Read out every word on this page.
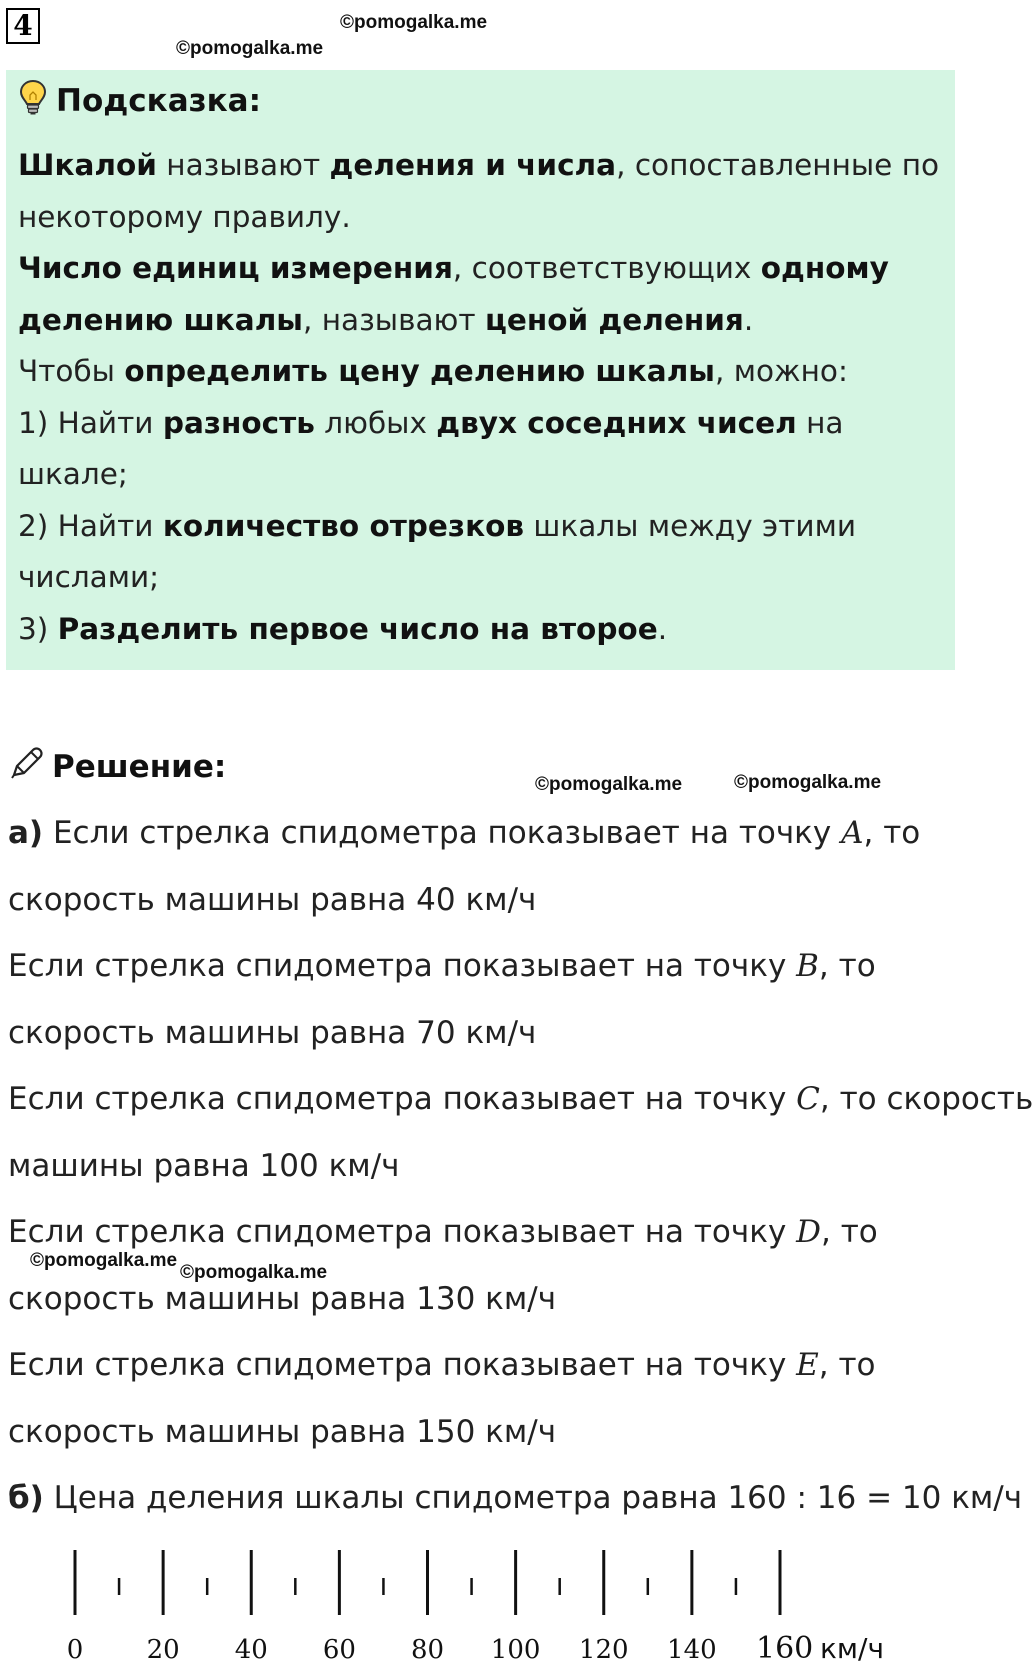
4	©pomogalka.me
©pomogalka.me
Подсказка:

Шкалой называют деления и числа, сопоставленные по некоторому правилу.

Число единиц измерения, соответствующих одному делению шкалы, называют ценой деления.

Чтобы определить цену делению шкалы, можно:

1) Найти разность любых двух соседних чисел на шкале;

2) Найти количество отрезков шкалы между этими числами;

3) Разделить первое число на второе.

Решение:	©pomogalka.me	©pomogalka.me

а) Если стрелка спидометра показывает на точку A, то

скорость машины равна 40 км/ч

Если стрелка спидометра показывает на точку B, то

скорость машины равна 70 км/ч

Если стрелка спидометра показывает на точку C, то скорость

машины равна 100 км/ч

Если стрелка спидометра показывает на точку D, то

скорость машины равна 130 км/ч

Если стрелка спидометра показывает на точку E, то

скорость машины равна 150 км/ч

б) Цена деления шкалы спидометра равна 160 : 16 = 10 км/ч

©pomogalka.me
©pomogalka.me
0 20 40 60 80 100 120 140 160 км/ч
